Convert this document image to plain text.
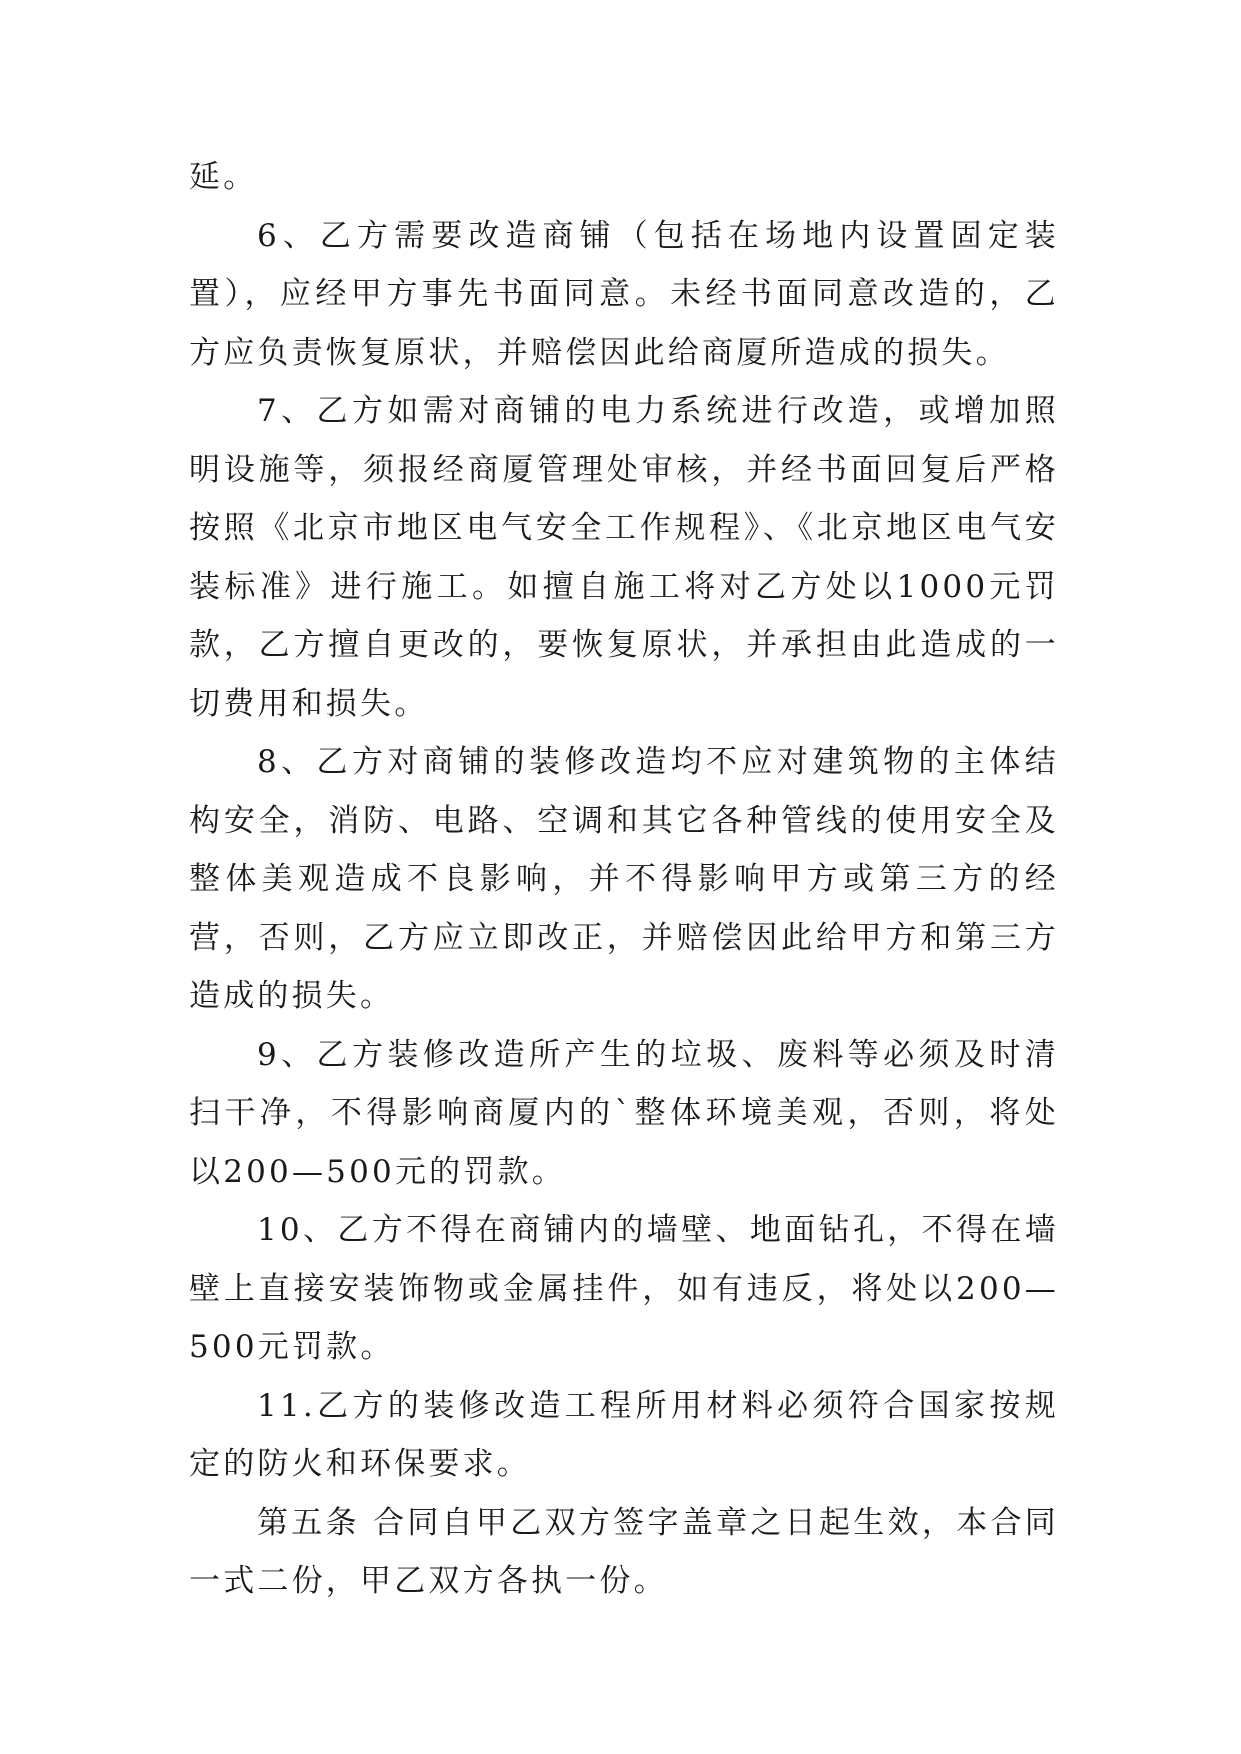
延。

6、乙方需要改造商铺（包括在场地内设置固定装置），应经甲方事先书面同意。未经书面同意改造的，乙方应负责恢复原状，并赔偿因此给商厦所造成的损失。

7、乙方如需对商铺的电力系统进行改造，或增加照明设施等，须报经商厦管理处审核，并经书面回复后严格按照《北京市地区电气安全工作规程》、《北京地区电气安装标准》进行施工。如擅自施工将对乙方处以1000元罚款，乙方擅自更改的，要恢复原状，并承担由此造成的一切费用和损失。

8、乙方对商铺的装修改造均不应对建筑物的主体结构安全，消防、电路、空调和其它各种管线的使用安全及整体美观造成不良影响，并不得影响甲方或第三方的经营，否则，乙方应立即改正，并赔偿因此给甲方和第三方造成的损失。

9、乙方装修改造所产生的垃圾、废料等必须及时清扫干净，不得影响商厦内的`整体环境美观，否则，将处以200—500元的罚款。

10、乙方不得在商铺内的墙壁、地面钻孔，不得在墙壁上直接安装饰物或金属挂件，如有违反，将处以200—500元罚款。

11.乙方的装修改造工程所用材料必须符合国家按规定的防火和环保要求。

第五条 合同自甲乙双方签字盖章之日起生效，本合同一式二份，甲乙双方各执一份。
